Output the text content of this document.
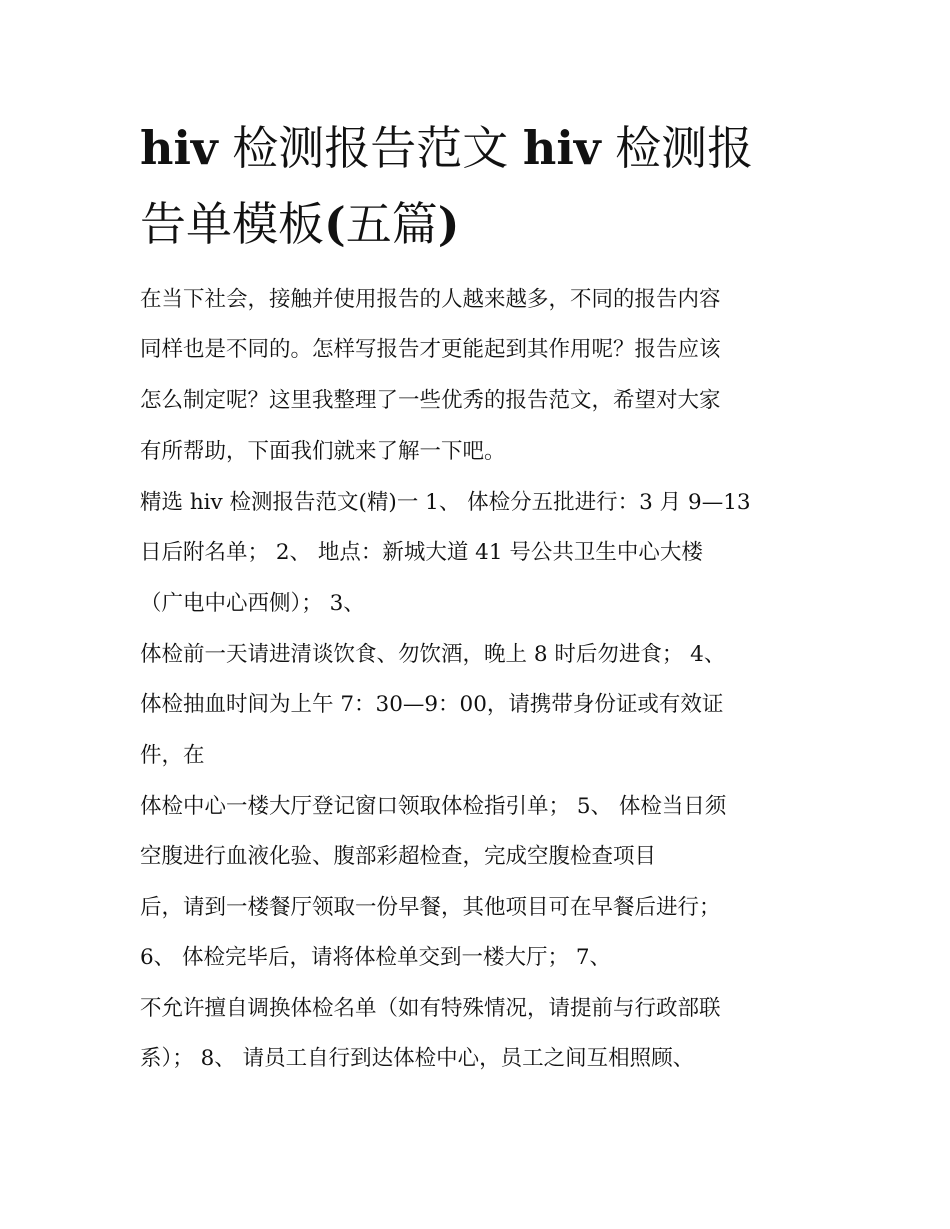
hiv 检测报告范文 hiv 检测报
告单模板(五篇)

在当下社会，接触并使用报告的人越来越多，不同的报告内容

同样也是不同的。怎样写报告才更能起到其作用呢？报告应该

怎么制定呢？这里我整理了一些优秀的报告范文，希望对大家

有所帮助，下面我们就来了解一下吧。

精选 hiv 检测报告范文(精)一 1、 体检分五批进行：3 月 9—13

日后附名单； 2、 地点：新城大道 41 号公共卫生中心大楼

（广电中心西侧）； 3、

体检前一天请进清谈饮食、勿饮酒，晚上 8 时后勿进食； 4、

体检抽血时间为上午 7：30—9：00，请携带身份证或有效证

件，在

体检中心一楼大厅登记窗口领取体检指引单； 5、 体检当日须

空腹进行血液化验、腹部彩超检查，完成空腹检查项目

后，请到一楼餐厅领取一份早餐，其他项目可在早餐后进行；

6、 体检完毕后，请将体检单交到一楼大厅； 7、

不允许擅自调换体检名单（如有特殊情况，请提前与行政部联

系）； 8、 请员工自行到达体检中心，员工之间互相照顾、
